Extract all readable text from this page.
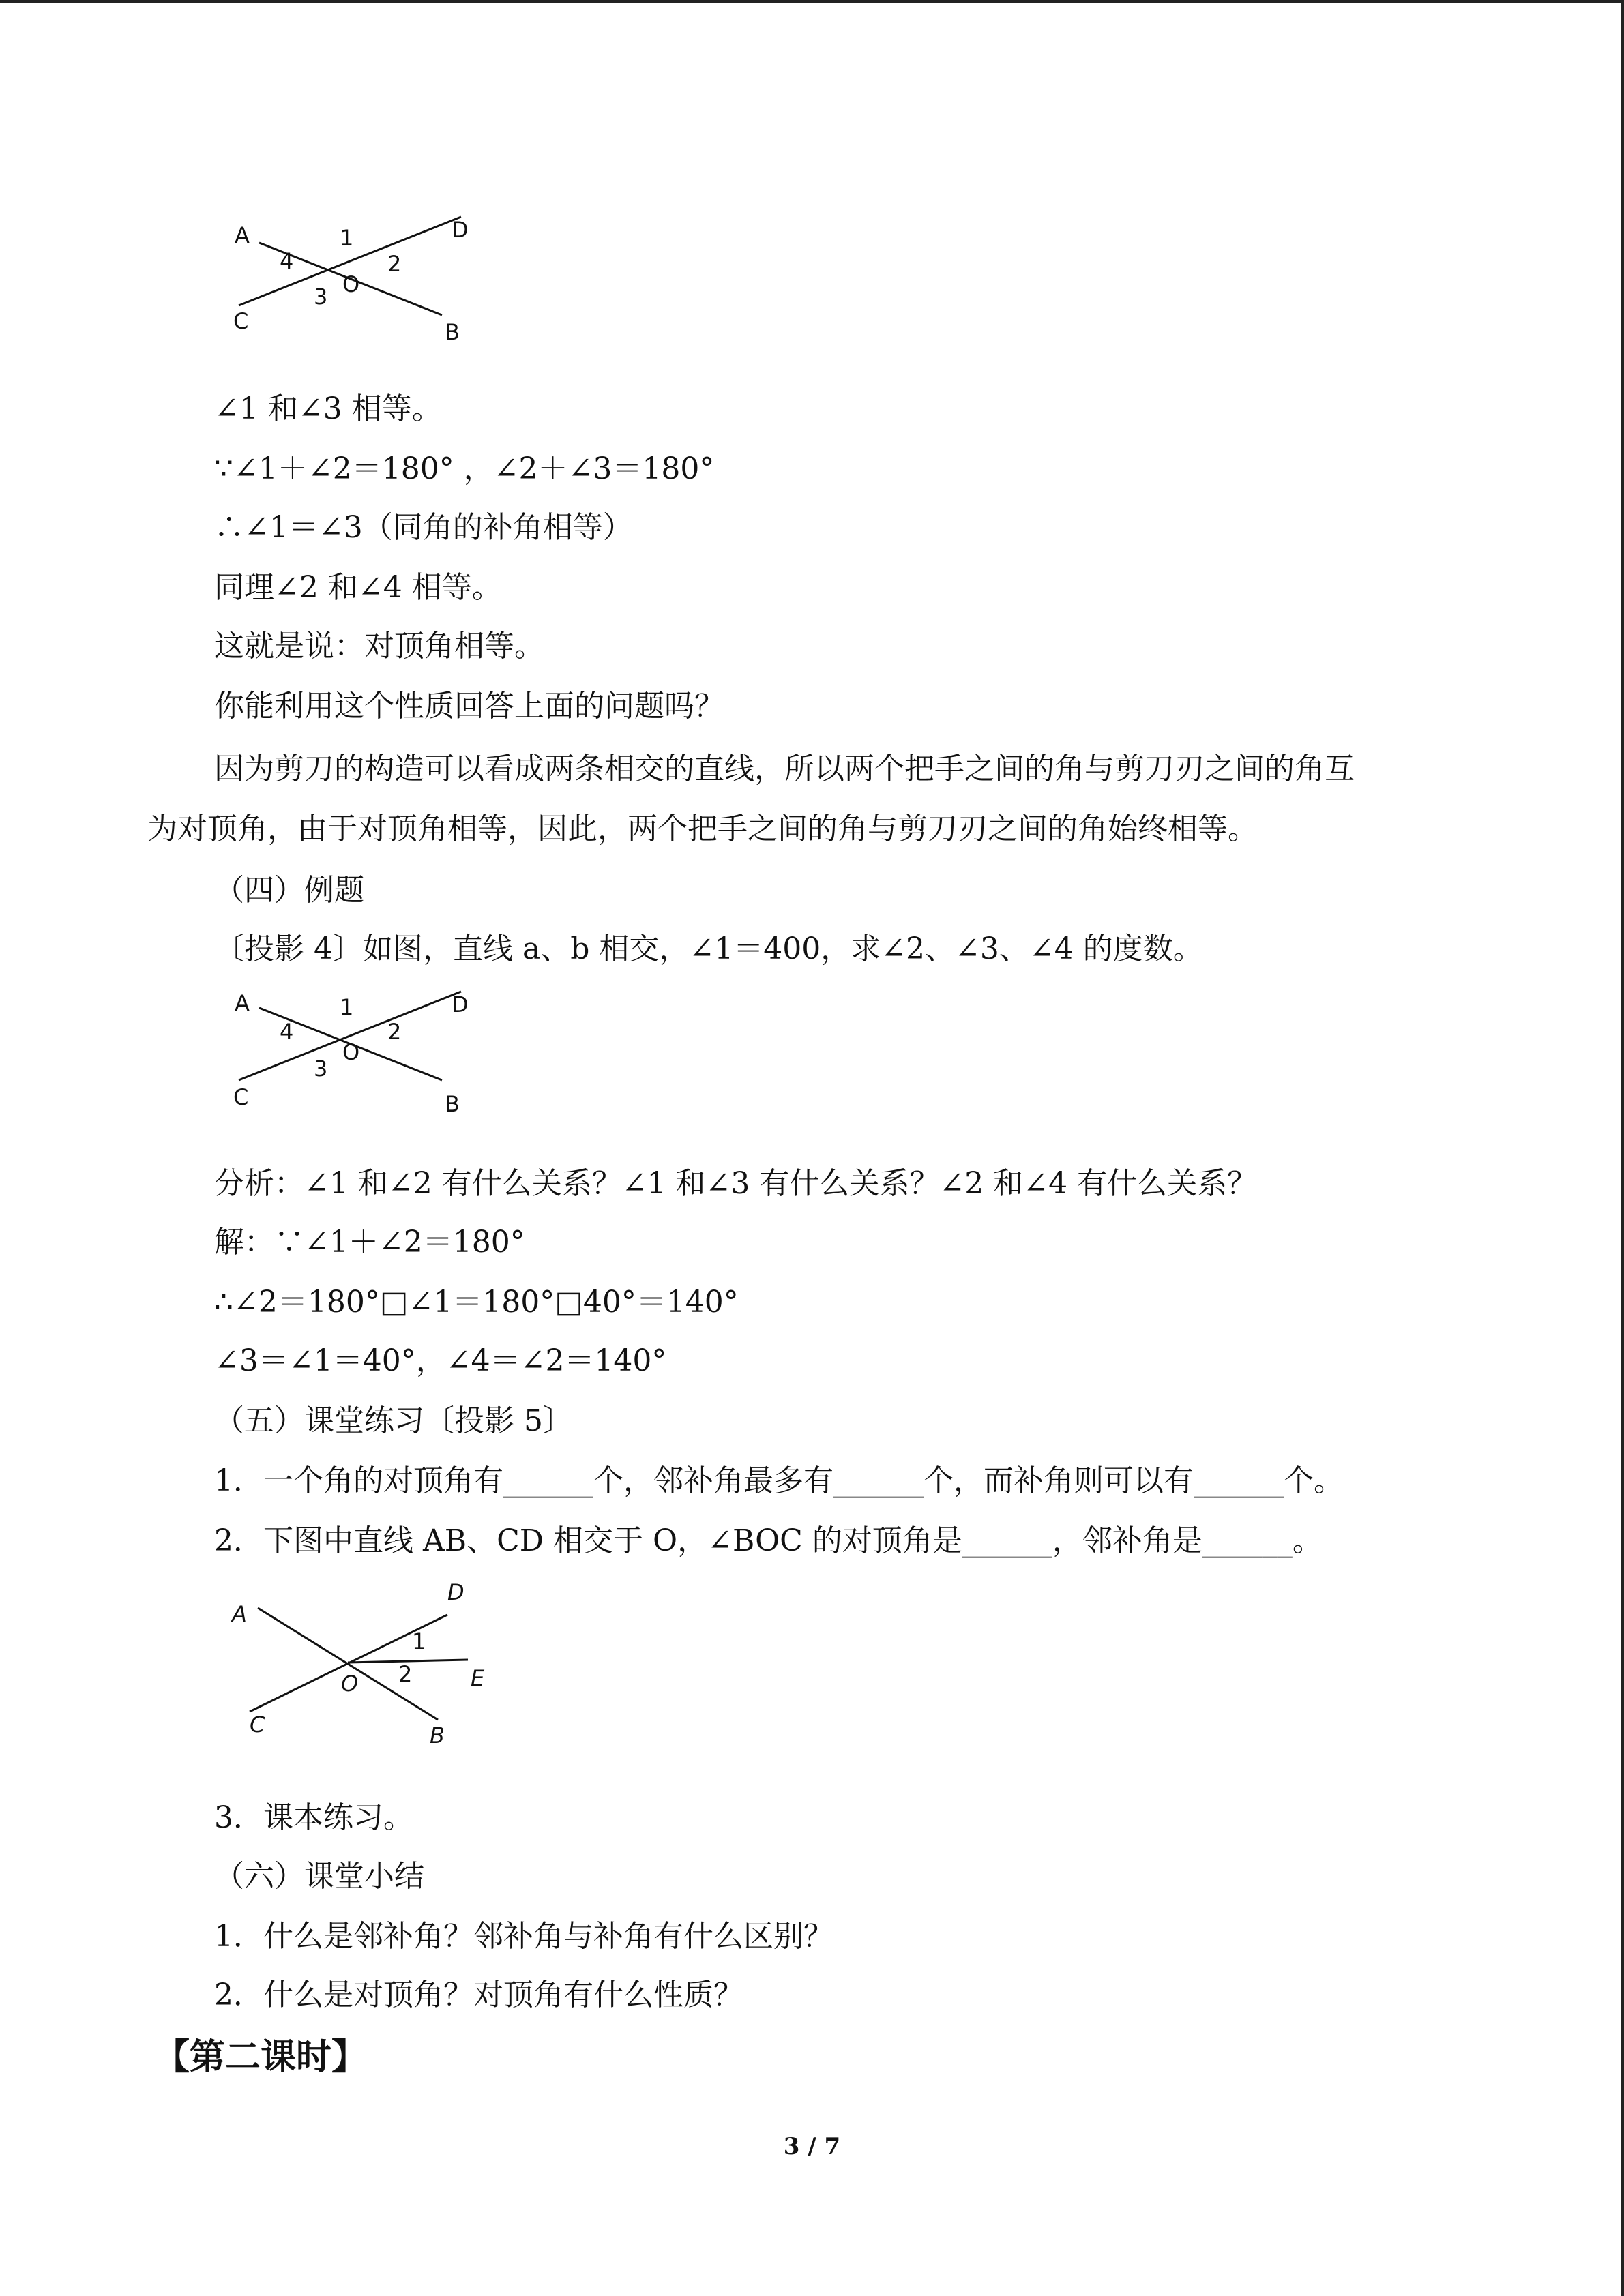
A	D
C	B
O
1
2
3
4
∠1 和∠3 相等。
∵∠1＋∠2＝180° ，∠2＋∠3＝180°
∴∠1＝∠3（同角的补角相等）
同理∠2 和∠4 相等。
这就是说：对顶角相等。
你能利用这个性质回答上面的问题吗？
因为剪刀的构造可以看成两条相交的直线，所以两个把手之间的角与剪刀刃之间的角互
为对顶角，由于对顶角相等，因此，两个把手之间的角与剪刀刃之间的角始终相等。
（四）例题
〔投影 4〕如图，直线 a、b 相交，∠1＝400，求∠2、∠3、∠4 的度数。
A	D
C	B
O
1
2
3
4
分析：∠1 和∠2 有什么关系？∠1 和∠3 有什么关系？∠2 和∠4 有什么关系？
解：∵∠1＋∠2＝180°
∴∠2＝180°□∠1＝180°□40°＝140°
∠3＝∠1＝40°，∠4＝∠2＝140°
（五）课堂练习〔投影 5〕
1．一个角的对顶角有______个，邻补角最多有______个，而补角则可以有______个。
2．下图中直线 AB、CD 相交于 O，∠BOC 的对顶角是______，邻补角是______。
A
D
E
C	B
O
1
2
3．课本练习。
（六）课堂小结
1．什么是邻补角？邻补角与补角有什么区别？
2．什么是对顶角？对顶角有什么性质？
【第二课时】
3 / 7
